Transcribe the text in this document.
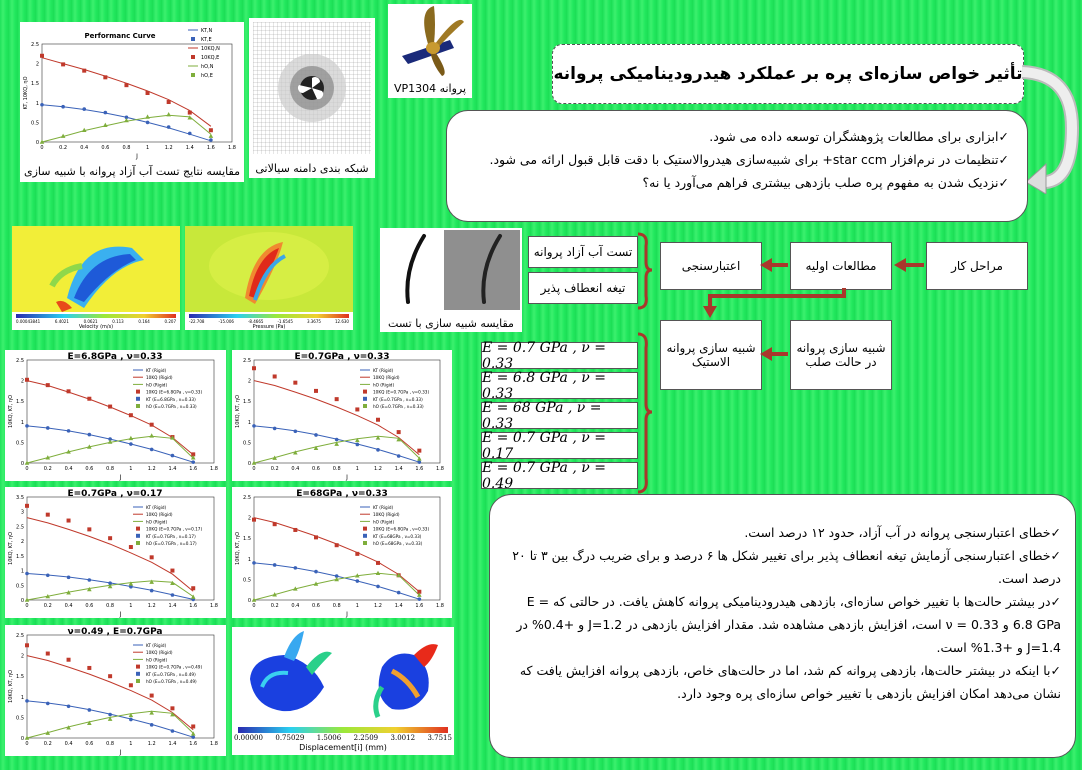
تأثیر خواص سازه‌ای پره بر عملکرد هیدرودینامیکی پروانه
✓ابزاری برای مطالعات پژوهشگران توسعه داده می شود.
✓تنظیمات در نرم‌افزار star ccm+ برای شبیه‌سازی هیدروالاستیک با دقت قابل قبول ارائه می شود.
✓نزدیک شدن به مفهوم پره صلب بازدهی بیشتری فراهم می‌آورد یا نه؟
Performanc Curve
0	0.2	0.4	0.6	0.8	1	1.2	1.4	1.6	1.8
0
0.5
1
1.5
2
2.5
J
KT, 10KQ, ηO
KT,N
KT,E
10KQ,N
10KQ,E
hO,N
hO,E
مقایسه نتایج تست آب آزاد پروانه با شبیه سازی	شبکه بندی دامنه سیالاتی
پروانه VP1304
0.00043841	6.4021	0.0621	0.113	0.164	0.207
Velocity (m/s)
-22.708	-15.006	-8.4665	-1.6545	3.3675	12.630
Pressure (Pa)	مقایسه شبیه سازی با تست
تست آب آزاد پروانه
تیغه انعطاف پذیر
اعتبارسنجی	مطالعات اولیه	مراحل کار
شبیه سازی پروانه در حالت صلب
شبیه سازی پروانه الاستیک
E = 0.7 GPa , ν = 0.33
E = 6.8 GPa , ν = 0.33
E = 68 GPa , ν = 0.33
E = 0.7 GPa , ν = 0.17
E = 0.7 GPa , ν = 0.49
E=6.8GPa , ν=0.33
0	0.2	0.4	0.6	0.8	1	1.2	1.4	1.6	1.8
0
0.5
1
1.5
2
2.5
J
10KQ, KT, ηO
KT (Rigid)
10KQ (Rigid)
hO (Rigid)
10KQ (E=6.8GPa , ν=0.33)
KT (E=6.8GPa , ν=0.33)
hO (E=0.7GPa , ν=0.33)
E=0.7GPa , ν=0.33
0	0.2	0.4	0.6	0.8	1	1.2	1.4	1.6	1.8
0
0.5
1
1.5
2
2.5
J
10KQ, KT, ηO
KT (Rigid)
10KQ (Rigid)
hO (Rigid)
10KQ (E=0.7GPa , ν=0.33)
KT (E=0.7GPa , ν=0.33)
hO (E=0.7GPa , ν=0.33)
E=0.7GPa , ν=0.17
0	0.2	0.4	0.6	0.8	1	1.2	1.4	1.6	1.8
0
0.5
1
1.5
2
2.5
3
3.5
J
10KQ, KT, ηO
KT (Rigid)
10KQ (Rigid)
hO (Rigid)
10KQ (E=0.7GPa , ν=0.17)
KT (E=0.7GPa , ν=0.17)
hO (E=0.7GPa , ν=0.17)
E=68GPa , ν=0.33
0	0.2	0.4	0.6	0.8	1	1.2	1.4	1.6	1.8
0
0.5
1
1.5
2
2.5
J
10KQ, KT, ηO
KT (Rigid)
10KQ (Rigid)
hO (Rigid)
10KQ (E=6.8GPa , ν=0.33)
KT (E=68GPa , ν=0.33)
hO (E=68GPa , ν=0.33)
ν=0.49 , E=0.7GPa
0	0.2	0.4	0.6	0.8	1	1.2	1.4	1.6	1.8
0
0.5
1
1.5
2
2.5
J
10KQ, KT, ηO
KT (Rigid)
10KQ (Rigid)
hO (Rigid)
10KQ (E=0.7GPa , ν=0.49)
KT (E=0.7GPa , ν=0.49)
hO (E=0.7GPa , ν=0.49)
0.00000 0.75029 1.5006 2.2509 3.0012 3.7515
Displacement[i] (mm)
✓خطای اعتبارسنجی پروانه در آب آزاد، حدود ۱۲ درصد است.
✓خطای اعتبارسنجی آزمایش تیغه انعطاف پذیر برای تغییر شکل ها ۶ درصد و برای ضریب درگ بین ۳ تا ۲۰ درصد است.
✓در بیشتر حالت‌ها با تغییر خواص سازه‌ای، بازدهی هیدرودینامیکی پروانه کاهش یافت. در حالتی که E = 6.8 GPa و ν = 0.33 است، افزایش بازدهی مشاهده شد. مقدار افزایش بازدهی در J=1.2 و +0.4% در J=1.4 و +1.3% است.
✓با اینکه در بیشتر حالت‌ها، بازدهی پروانه کم شد، اما در حالت‌های خاص، بازدهی پروانه افزایش یافت که نشان می‌دهد امکان افزایش بازدهی با تغییر خواص سازه‌ای پره وجود دارد.
